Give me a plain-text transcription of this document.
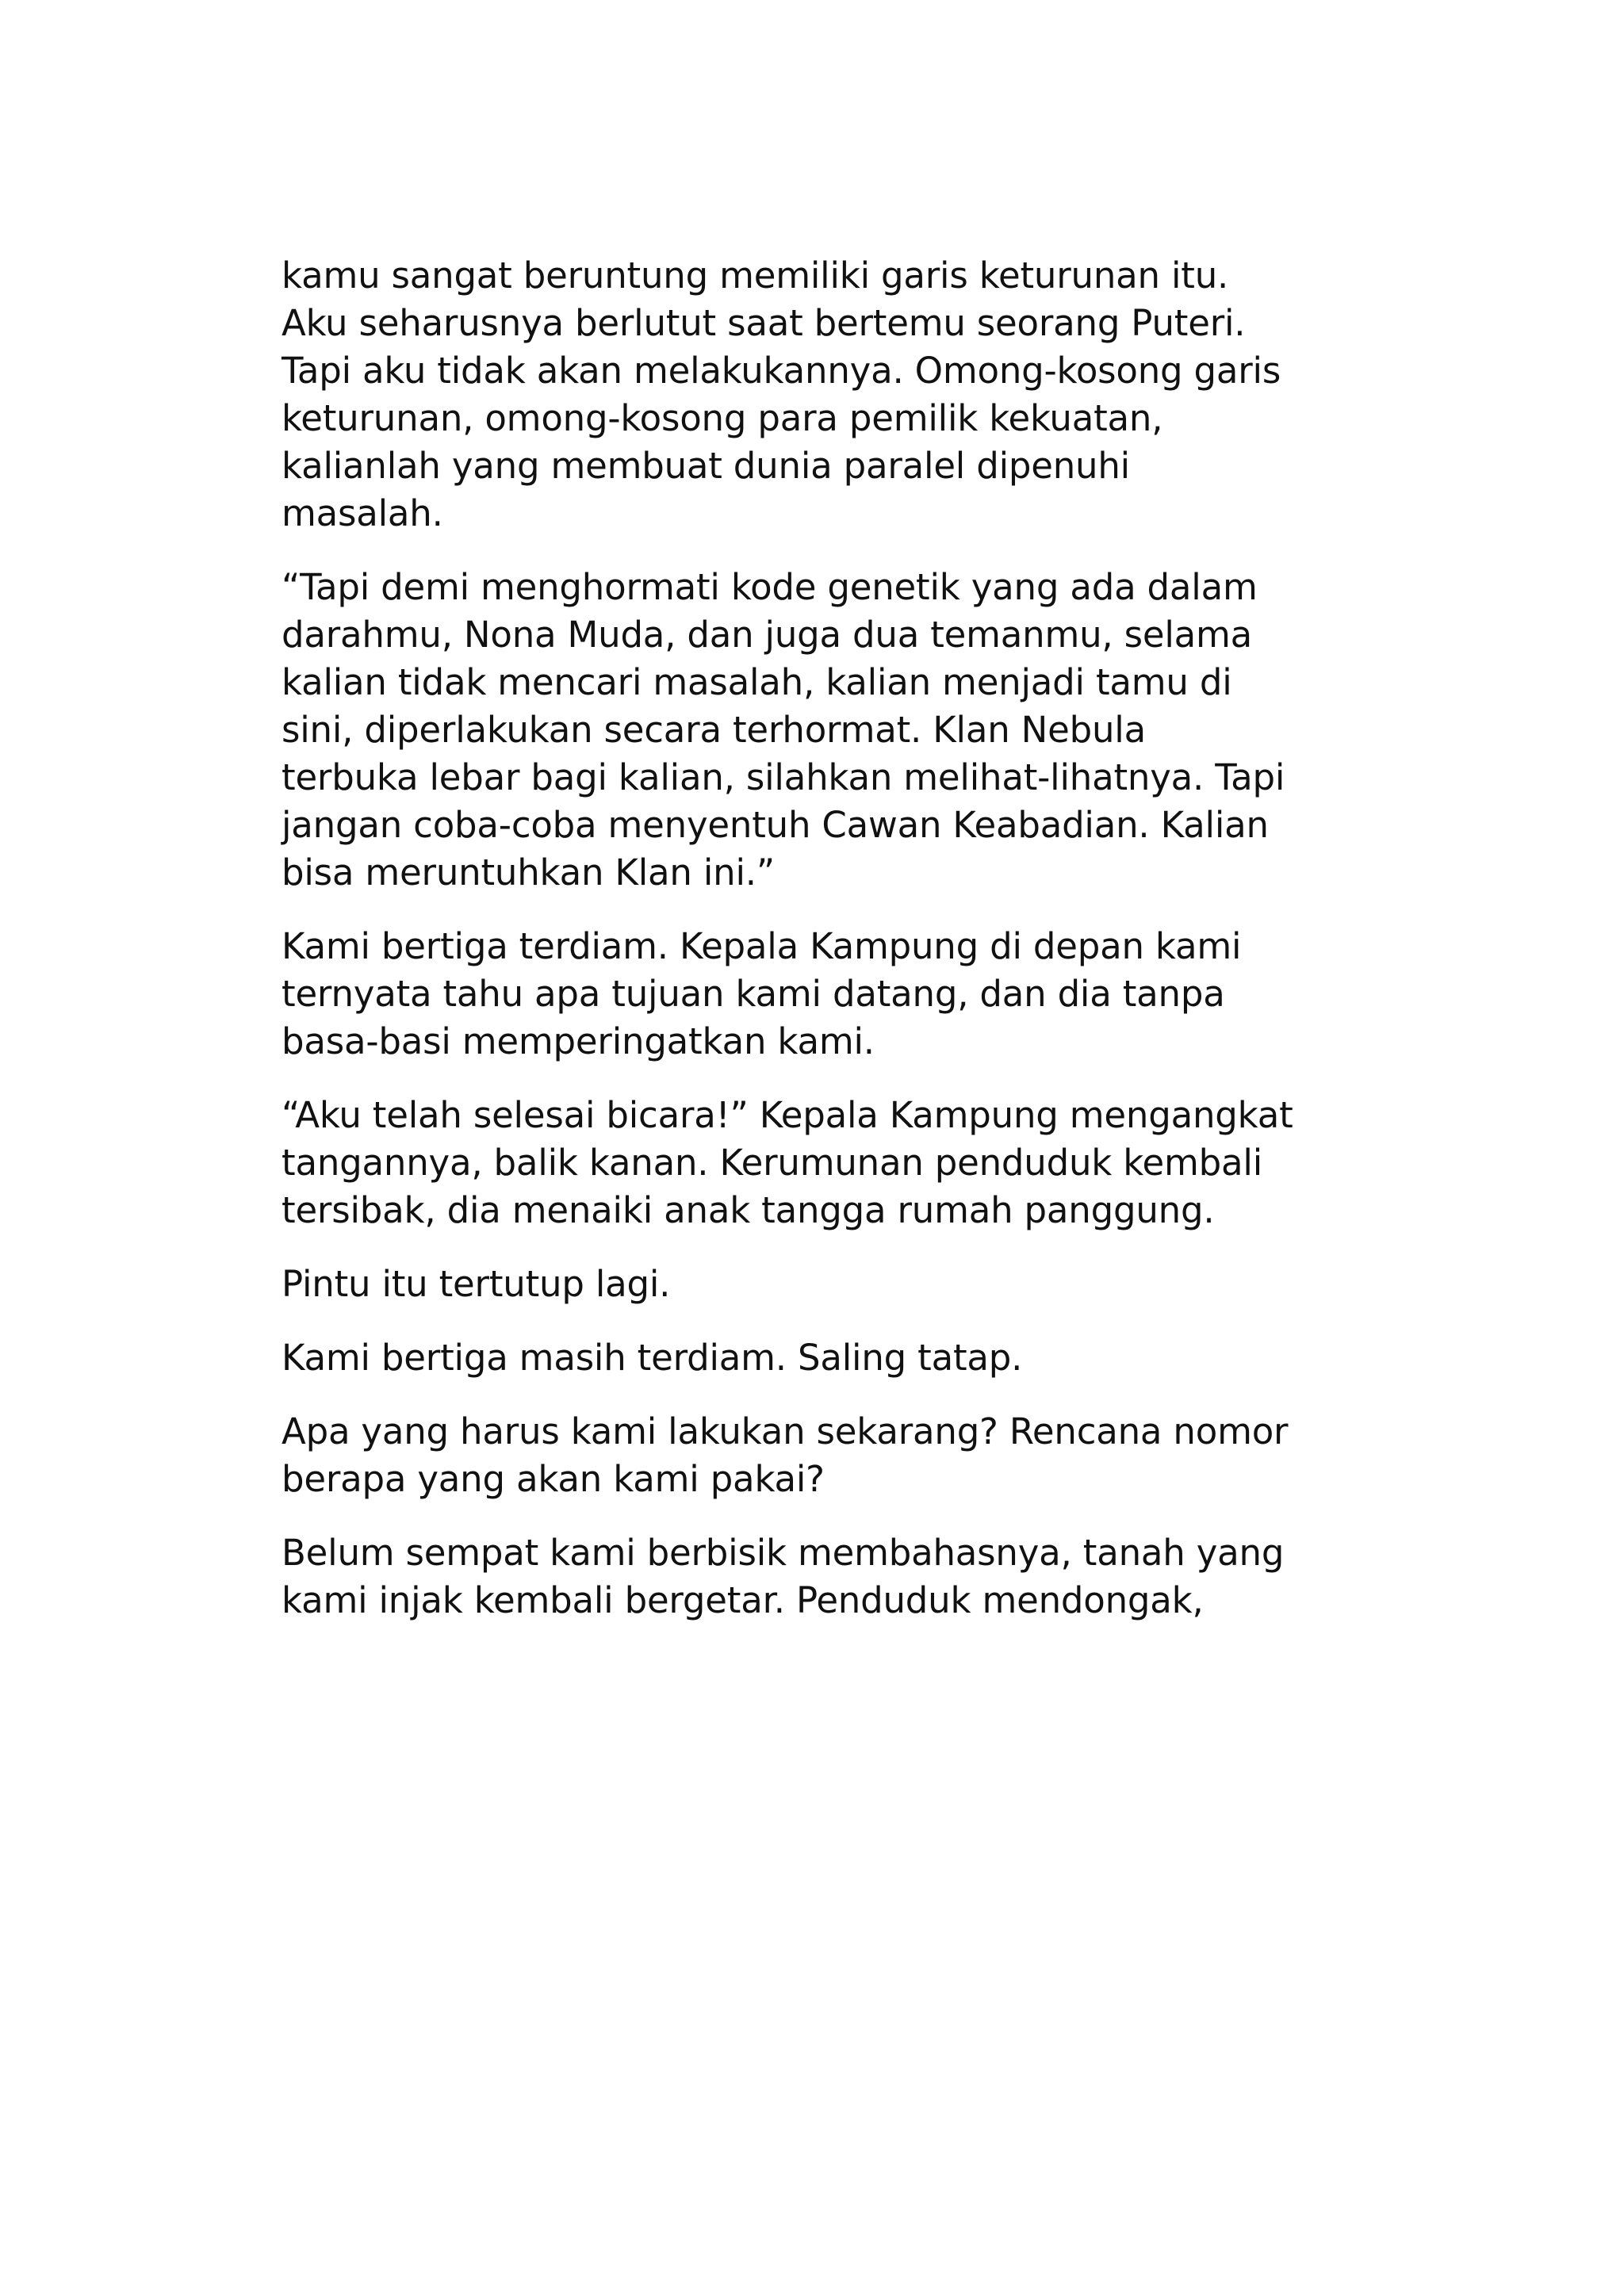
kamu sangat beruntung memiliki garis keturunan itu.
Aku seharusnya berlutut saat bertemu seorang Puteri.
Tapi aku tidak akan melakukannya. Omong-kosong garis
keturunan, omong-kosong para pemilik kekuatan,
kalianlah yang membuat dunia paralel dipenuhi
masalah.

“Tapi demi menghormati kode genetik yang ada dalam
darahmu, Nona Muda, dan juga dua temanmu, selama
kalian tidak mencari masalah, kalian menjadi tamu di
sini, diperlakukan secara terhormat. Klan Nebula
terbuka lebar bagi kalian, silahkan melihat-lihatnya. Tapi
jangan coba-coba menyentuh Cawan Keabadian. Kalian
bisa meruntuhkan Klan ini.”

Kami bertiga terdiam. Kepala Kampung di depan kami
ternyata tahu apa tujuan kami datang, dan dia tanpa
basa-basi memperingatkan kami.

“Aku telah selesai bicara!” Kepala Kampung mengangkat
tangannya, balik kanan. Kerumunan penduduk kembali
tersibak, dia menaiki anak tangga rumah panggung.

Pintu itu tertutup lagi.

Kami bertiga masih terdiam. Saling tatap.

Apa yang harus kami lakukan sekarang? Rencana nomor
berapa yang akan kami pakai?

Belum sempat kami berbisik membahasnya, tanah yang
kami injak kembali bergetar. Penduduk mendongak,
